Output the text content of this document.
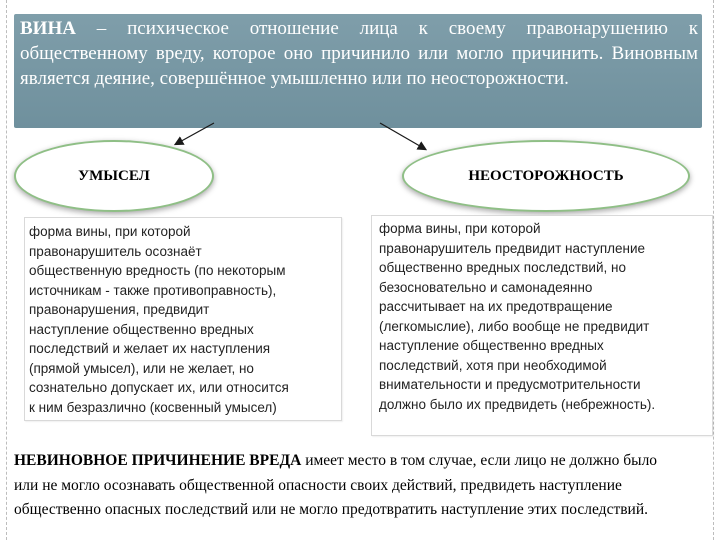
ВИНА – психическое отношение лица к своему правонарушению к общественному вреду, которое оно причинило или могло причинить. Виновным является деяние, совершённое умышленно или по неосторожности.
УМЫСЕЛ	НЕОСТОРОЖНОСТЬ
форма вины, при которой
правонарушитель осознаёт
общественную вредность (по некоторым
источникам - также противоправность),
правонарушения, предвидит
наступление общественно вредных
последствий и желает их наступления
(прямой умысел), или не желает, но
сознательно допускает их, или относится
к ним безразлично (косвенный умысел)
форма вины, при которой
правонарушитель предвидит наступление
общественно вредных последствий, но
безосновательно и самонадеянно
рассчитывает на их предотвращение
(легкомыслие), либо вообще не предвидит
наступление общественно вредных
последствий, хотя при необходимой
внимательности и предусмотрительности
должно было их предвидеть (небрежность).
НЕВИНОВНОЕ ПРИЧИНЕНИЕ ВРЕДА имеет место в том случае, если лицо не должно было или не могло осознавать общественной опасности своих действий, предвидеть наступление общественно опасных последствий или не могло предотвратить наступление этих последствий.
